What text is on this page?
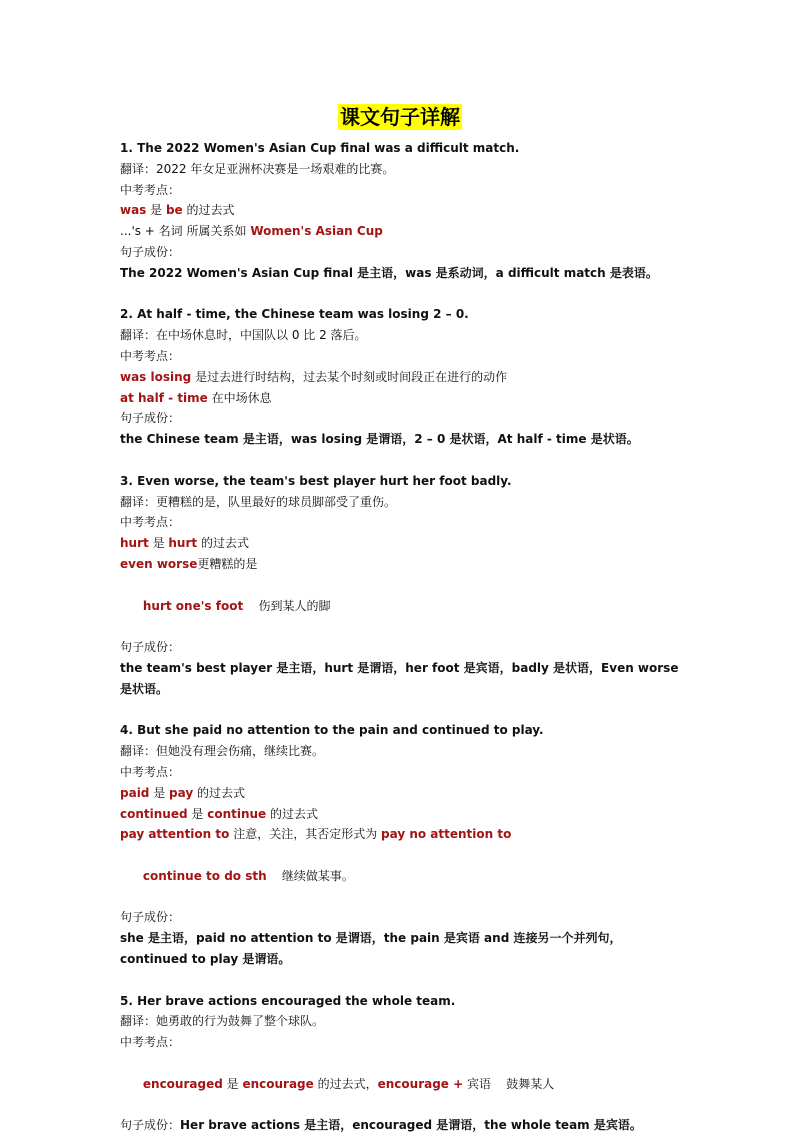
课文句子详解
1. The 2022 Women's Asian Cup final was a difficult match.
翻译：2022 年女足亚洲杯决赛是一场艰难的比赛。
中考考点：
was 是 be 的过去式
...'s + 名词 所属关系如 Women's Asian Cup
句子成份：
The 2022 Women's Asian Cup final 是主语，was 是系动词，a difficult match 是表语。
2. At half - time, the Chinese team was losing 2 – 0.
翻译：在中场休息时，中国队以 0 比 2 落后。
中考考点：
was losing 是过去进行时结构，过去某个时刻或时间段正在进行的动作
at half - time 在中场休息
句子成份：
the Chinese team 是主语，was losing 是谓语，2 – 0 是状语，At half - time 是状语。
3. Even worse, the team's best player hurt her foot badly.
翻译：更糟糕的是，队里最好的球员脚部受了重伤。
中考考点：
hurt 是 hurt 的过去式
even worse更糟糕的是

hurt one's foot    伤到某人的脚

句子成份：
the team's best player 是主语，hurt 是谓语，her foot 是宾语，badly 是状语，Even worse 是状语。
4. But she paid no attention to the pain and continued to play.
翻译：但她没有理会伤痛，继续比赛。
中考考点：
paid 是 pay 的过去式
continued 是 continue 的过去式
pay attention to 注意，关注，其否定形式为 pay no attention to

continue to do sth    继续做某事。

句子成份：
she 是主语，paid no attention to 是谓语，the pain 是宾语 and 连接另一个并列句，continued to play 是谓语。
5. Her brave actions encouraged the whole team.
翻译：她勇敢的行为鼓舞了整个球队。
中考考点：

encouraged 是 encourage 的过去式，encourage + 宾语    鼓舞某人

句子成份：Her brave actions 是主语，encouraged 是谓语，the whole team 是宾语。
